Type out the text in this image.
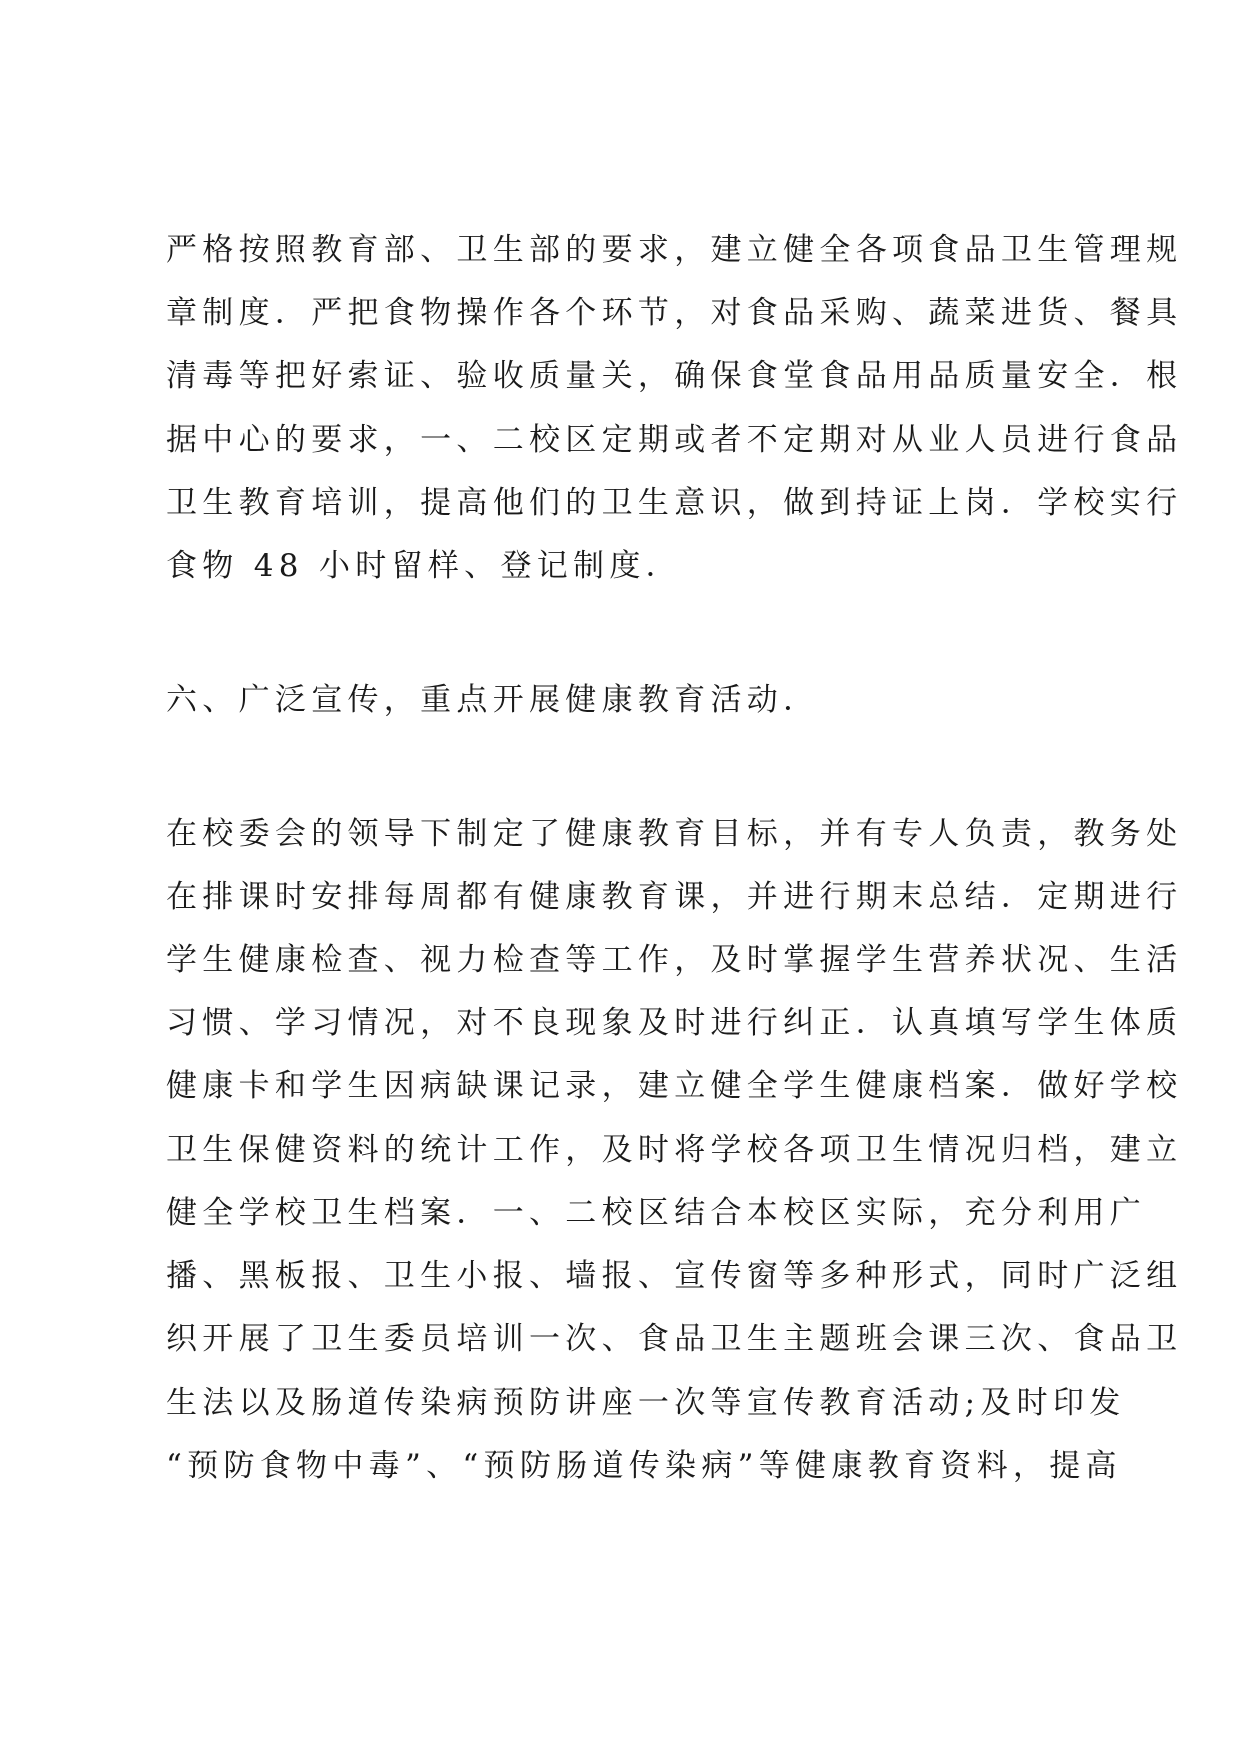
严格按照教育部、卫生部的要求，建立健全各项食品卫生管理规

章制度．严把食物操作各个环节，对食品采购、蔬菜进货、餐具

清毒等把好索证、验收质量关，确保食堂食品用品质量安全．根

据中心的要求，一、二校区定期或者不定期对从业人员进行食品

卫生教育培训，提高他们的卫生意识，做到持证上岗．学校实行

食物 48 小时留样、登记制度．

六、广泛宣传，重点开展健康教育活动．

在校委会的领导下制定了健康教育目标，并有专人负责，教务处

在排课时安排每周都有健康教育课，并进行期末总结．定期进行

学生健康检查、视力检查等工作，及时掌握学生营养状况、生活

习惯、学习情况，对不良现象及时进行纠正．认真填写学生体质

健康卡和学生因病缺课记录，建立健全学生健康档案．做好学校

卫生保健资料的统计工作，及时将学校各项卫生情况归档，建立

健全学校卫生档案．一、二校区结合本校区实际，充分利用广

播、黑板报、卫生小报、墙报、宣传窗等多种形式，同时广泛组

织开展了卫生委员培训一次、食品卫生主题班会课三次、食品卫

生法以及肠道传染病预防讲座一次等宣传教育活动;及时印发

“预防食物中毒”、“预防肠道传染病”等健康教育资料，提高
